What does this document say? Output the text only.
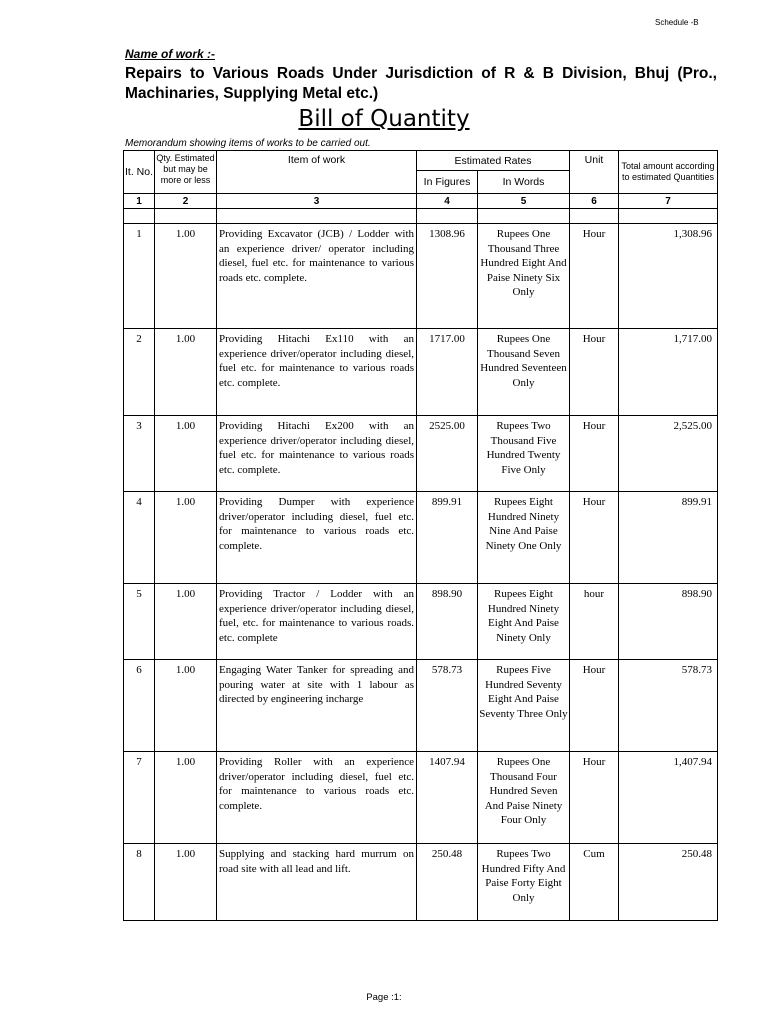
Schedule -B
Name of work :-
Repairs to Various Roads Under Jurisdiction of R & B Division, Bhuj (Pro., Machinaries, Supplying Metal etc.)
Bill of Quantity
Memorandum showing items of works to be carried out.
It. No.	Qty. Estimated but may be more or less	Item of work	Estimated Rates		Unit	Total amount according to estimated Quantities
			In Figures	In Words		
1	2	3	4	5	6	7

1	1.00	Providing Excavator (JCB) / Lodder with an experience driver/ operator including diesel, fuel etc. for maintenance to various roads etc. complete.	1308.96	Rupees One Thousand Three Hundred Eight And Paise Ninety Six Only	Hour	1,308.96
2	1.00	Providing Hitachi Ex110 with an experience driver/operator including diesel, fuel etc. for maintenance to various roads etc. complete.	1717.00	Rupees One Thousand Seven Hundred Seventeen Only	Hour	1,717.00
3	1.00	Providing Hitachi Ex200 with an experience driver/operator including diesel, fuel etc. for maintenance to various roads etc. complete.	2525.00	Rupees Two Thousand Five Hundred Twenty Five Only	Hour	2,525.00
4	1.00	Providing Dumper with experience driver/operator including diesel, fuel etc. for maintenance to various roads etc. complete.	899.91	Rupees Eight Hundred Ninety Nine And Paise Ninety One Only	Hour	899.91
5	1.00	Providing Tractor / Lodder with an experience driver/operator including diesel, fuel, etc. for maintenance to various roads. etc. complete	898.90	Rupees Eight Hundred Ninety Eight And Paise Ninety Only	hour	898.90
6	1.00	Engaging Water Tanker for spreading and pouring water at site with 1 labour as directed by engineering incharge	578.73	Rupees Five Hundred Seventy Eight And Paise Seventy Three Only	Hour	578.73
7	1.00	Providing Roller with an experience driver/operator including diesel, fuel etc. for maintenance to various roads etc. complete.	1407.94	Rupees One Thousand Four Hundred Seven And Paise Ninety Four Only	Hour	1,407.94
8	1.00	Supplying and stacking hard murrum on road site with all lead and lift.	250.48	Rupees Two Hundred Fifty And Paise Forty Eight Only	Cum	250.48
Page :1:
